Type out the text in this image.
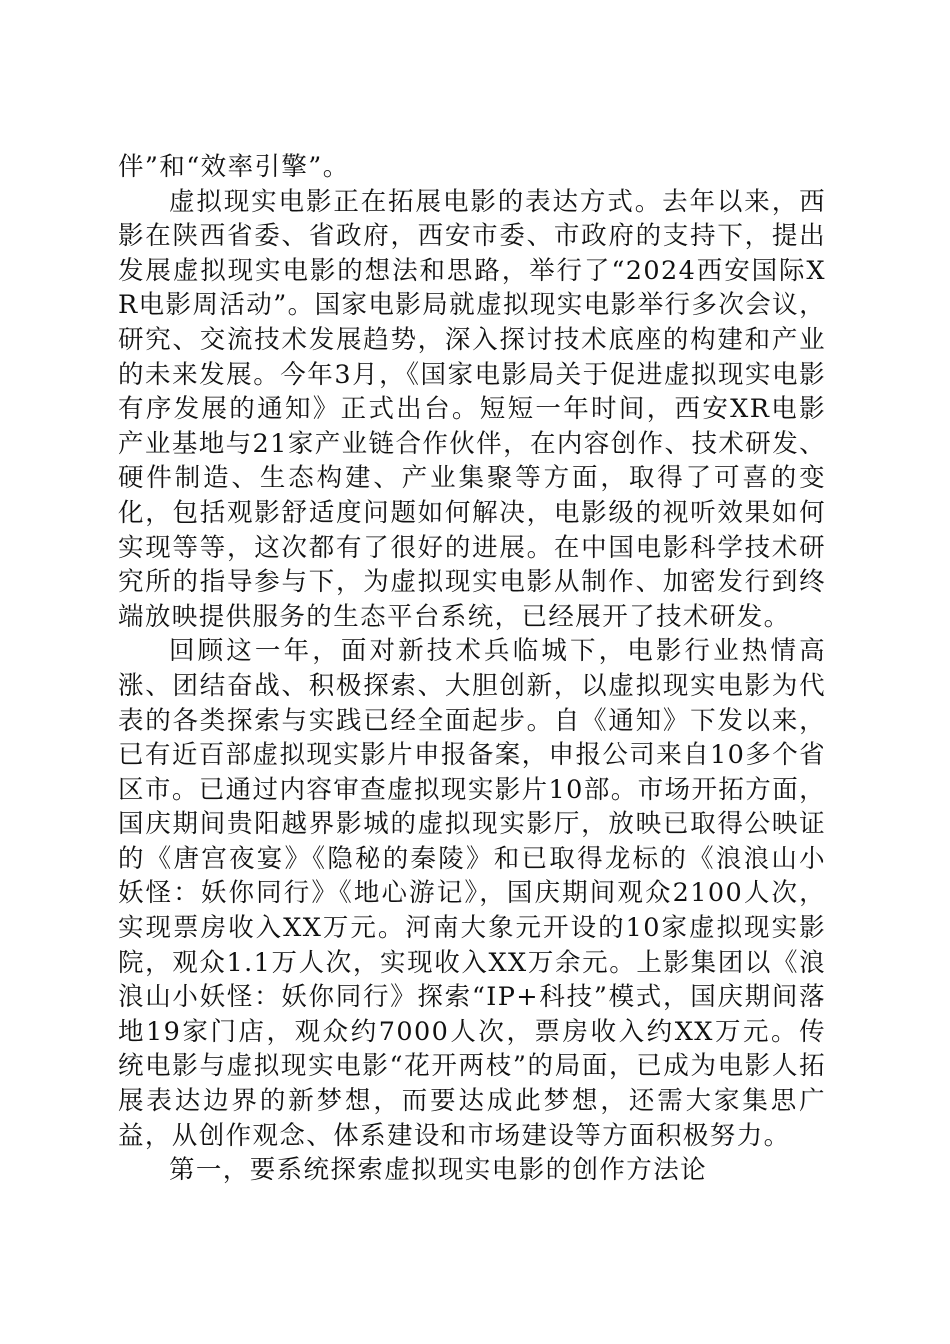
伴”和“效率引擎”。

虚拟现实电影正在拓展电影的表达方式。去年以来，西影在陕西省委、省政府，西安市委、市政府的支持下，提出发展虚拟现实电影的想法和思路，举行了“2024西安国际XR电影周活动”。国家电影局就虚拟现实电影举行多次会议，研究、交流技术发展趋势，深入探讨技术底座的构建和产业的未来发展。今年3月，《国家电影局关于促进虚拟现实电影有序发展的通知》正式出台。短短一年时间，西安XR电影产业基地与21家产业链合作伙伴，在内容创作、技术研发、硬件制造、生态构建、产业集聚等方面，取得了可喜的变化，包括观影舒适度问题如何解决，电影级的视听效果如何实现等等，这次都有了很好的进展。在中国电影科学技术研究所的指导参与下，为虚拟现实电影从制作、加密发行到终端放映提供服务的生态平台系统，已经展开了技术研发。

回顾这一年，面对新技术兵临城下，电影行业热情高涨、团结奋战、积极探索、大胆创新，以虚拟现实电影为代表的各类探索与实践已经全面起步。自《通知》下发以来，已有近百部虚拟现实影片申报备案，申报公司来自10多个省区市。已通过内容审查虚拟现实影片10部。市场开拓方面，国庆期间贵阳越界影城的虚拟现实影厅，放映已取得公映证的《唐宫夜宴》《隐秘的秦陵》和已取得龙标的《浪浪山小妖怪：妖你同行》《地心游记》，国庆期间观众2100人次，实现票房收入XX万元。河南大象元开设的10家虚拟现实影院，观众1.1万人次，实现收入XX万余元。上影集团以《浪浪山小妖怪：妖你同行》探索“IP+科技”模式，国庆期间落地19家门店，观众约7000人次，票房收入约XX万元。传统电影与虚拟现实电影“花开两枝”的局面，已成为电影人拓展表达边界的新梦想，而要达成此梦想，还需大家集思广益，从创作观念、体系建设和市场建设等方面积极努力。

第一，要系统探索虚拟现实电影的创作方法论
